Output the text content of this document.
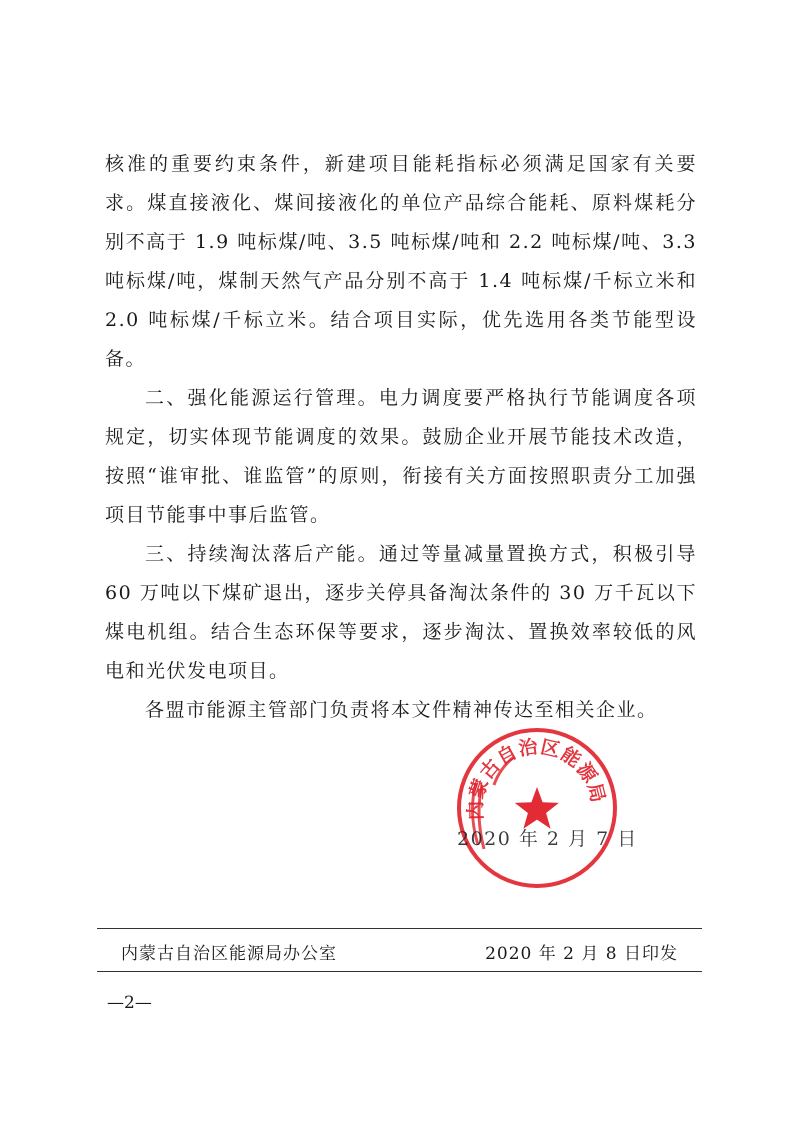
核准的重要约束条件，新建项目能耗指标必须满足国家有关要求。煤直接液化、煤间接液化的单位产品综合能耗、原料煤耗分别不高于 1.9 吨标煤/吨、3.5 吨标煤/吨和 2.2 吨标煤/吨、3.3 吨标煤/吨，煤制天然气产品分别不高于 1.4 吨标煤/千标立米和 2.0 吨标煤/千标立米。结合项目实际，优先选用各类节能型设备。

二、强化能源运行管理。电力调度要严格执行节能调度各项规定，切实体现节能调度的效果。鼓励企业开展节能技术改造，按照“谁审批、谁监管”的原则，衔接有关方面按照职责分工加强项目节能事中事后监管。

三、持续淘汰落后产能。通过等量减量置换方式，积极引导 60 万吨以下煤矿退出，逐步关停具备淘汰条件的 30 万千瓦以下煤电机组。结合生态环保等要求，逐步淘汰、置换效率较低的风电和光伏发电项目。

各盟市能源主管部门负责将本文件精神传达至相关企业。

内蒙古自治区能源局
2020 年 2 月 7 日
内蒙古自治区能源局办公室	2020 年 2 月 8 日印发
—2—
